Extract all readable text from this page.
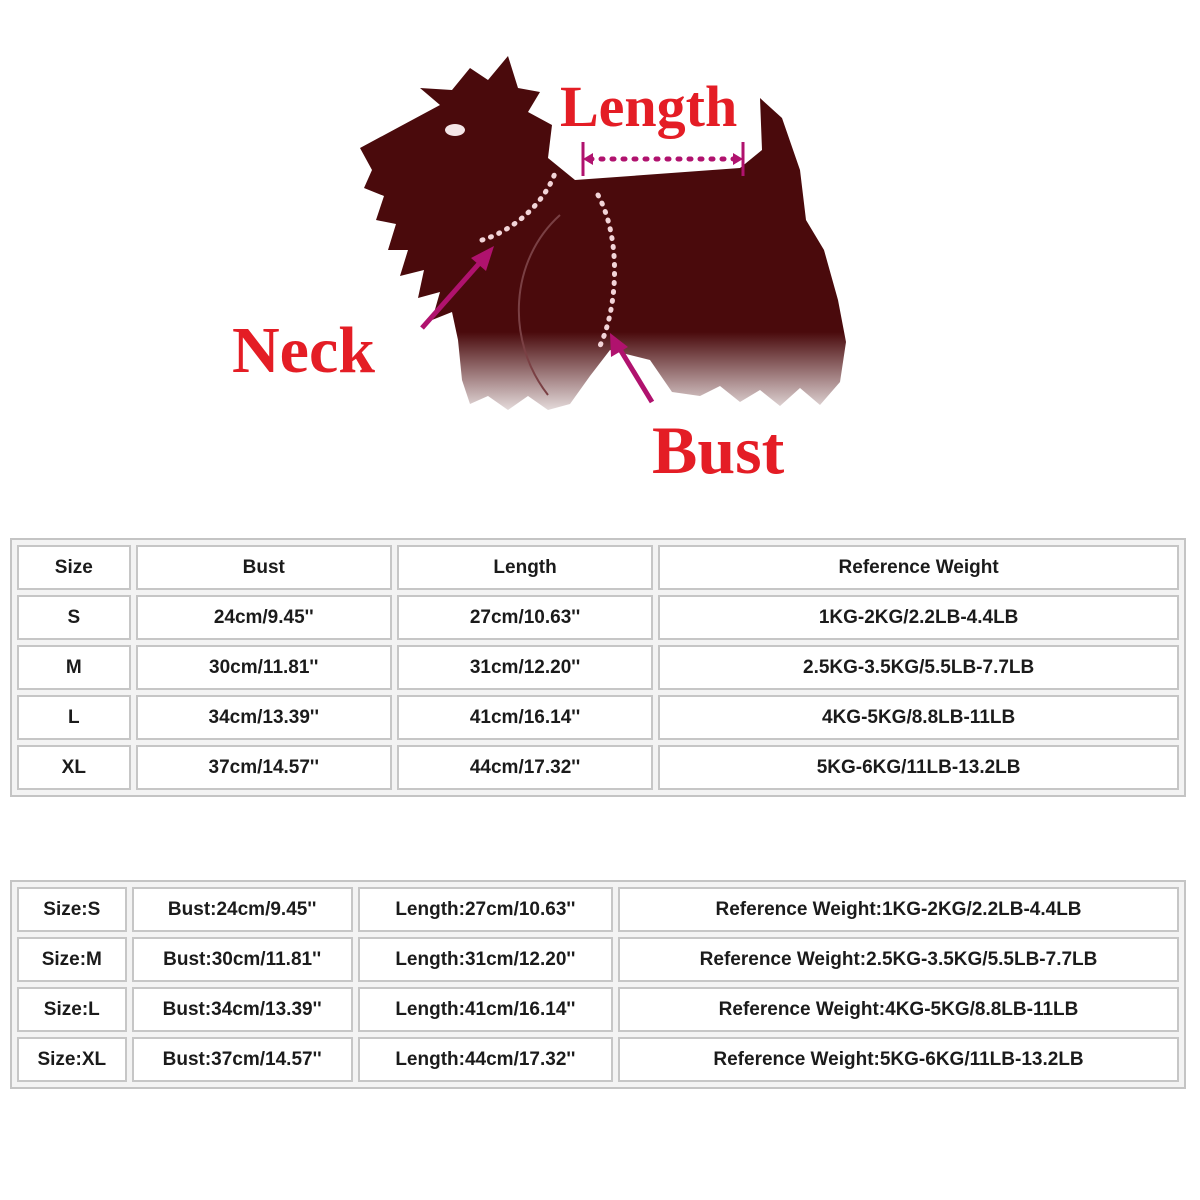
Length
Neck
Bust
Size	Bust	Length	Reference Weight
S	24cm/9.45''	27cm/10.63''	1KG-2KG/2.2LB-4.4LB
M	30cm/11.81''	31cm/12.20''	2.5KG-3.5KG/5.5LB-7.7LB
L	34cm/13.39''	41cm/16.14''	4KG-5KG/8.8LB-11LB
XL	37cm/14.57''	44cm/17.32''	5KG-6KG/11LB-13.2LB
Size:S	Bust:24cm/9.45''	Length:27cm/10.63''	Reference Weight:1KG-2KG/2.2LB-4.4LB
Size:M	Bust:30cm/11.81''	Length:31cm/12.20''	Reference Weight:2.5KG-3.5KG/5.5LB-7.7LB
Size:L	Bust:34cm/13.39''	Length:41cm/16.14''	Reference Weight:4KG-5KG/8.8LB-11LB
Size:XL	Bust:37cm/14.57''	Length:44cm/17.32''	Reference Weight:5KG-6KG/11LB-13.2LB
